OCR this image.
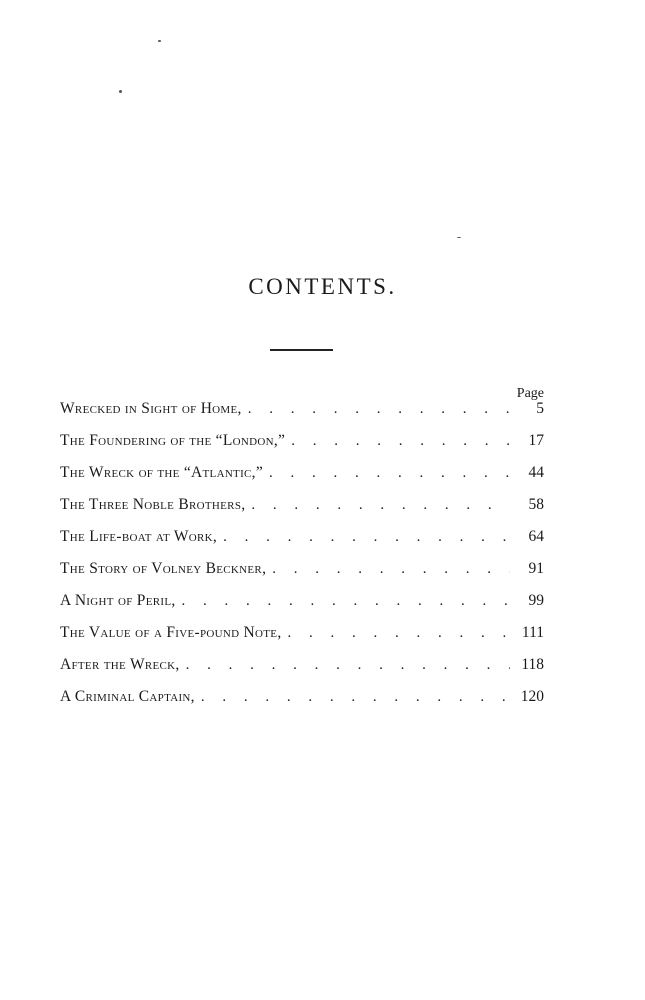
CONTENTS.
Page
Wrecked in Sight of Home, . . .	5
The Foundering of the “London,” . . .	17
The Wreck of the “Atlantic,” . . .	44
The Three Noble Brothers, . . .	58
The Life-boat at Work, . . .	64
The Story of Volney Beckner, . . .	91
A Night of Peril, . . .	99
The Value of a Five-pound Note, . . .	111
After the Wreck, . . .	118
A Criminal Captain, . . .	120
